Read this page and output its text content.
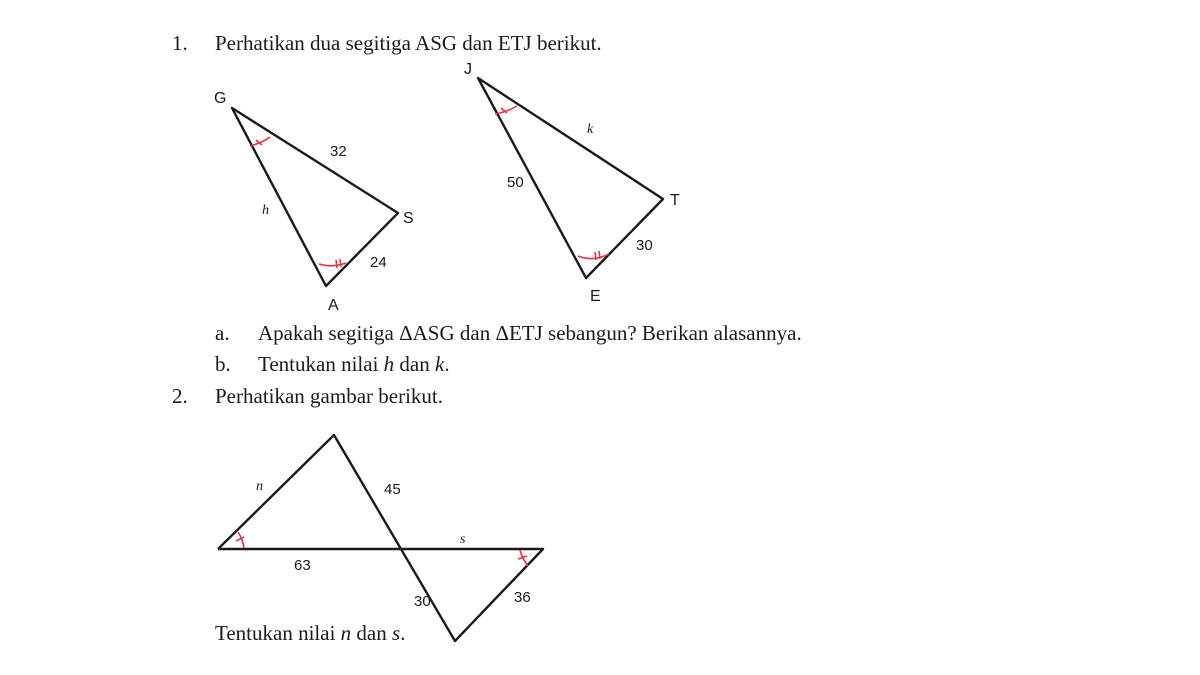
1. Perhatikan dua segitiga ASG dan ETJ berikut.
G
S
A
32
h
24
J
T
E
k
50
30
n	45
s
63
30	36
a. Apakah segitiga ΔASG dan ΔETJ sebangun? Berikan alasannya.
b. Tentukan nilai h dan k.
2. Perhatikan gambar berikut.
Tentukan nilai n dan s.
